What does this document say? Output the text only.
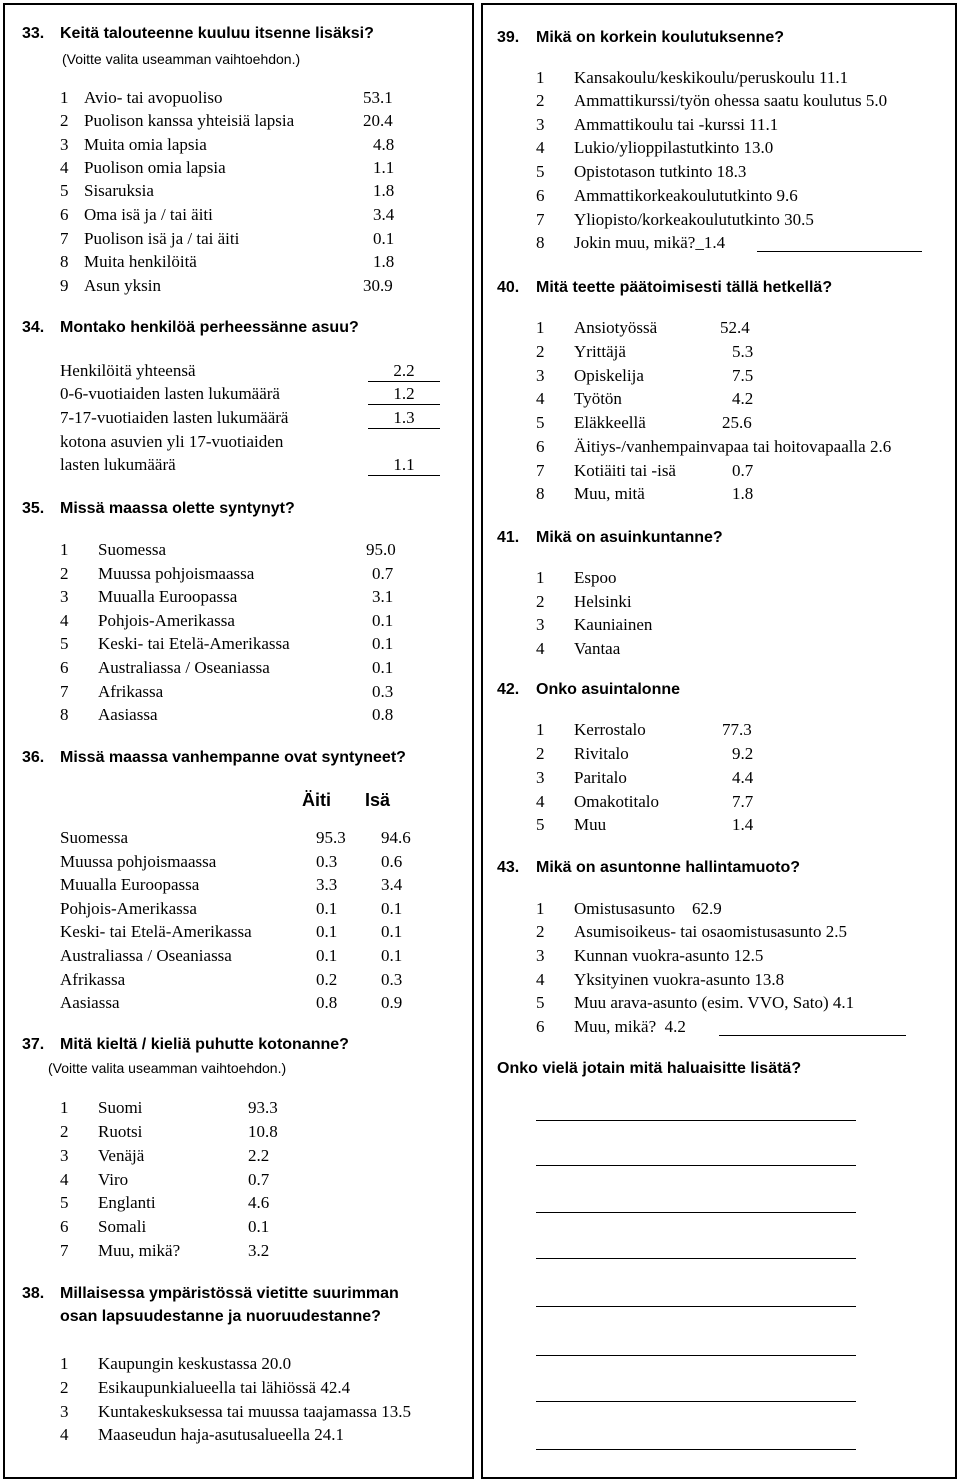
33. Keitä talouteenne kuuluu itsenne lisäksi?
(Voitte valita useamman vaihtoehdon.)
1 Avio- tai avopuoliso	53.1
2 Puolison kanssa yhteisiä lapsia	20.4
3 Muita omia lapsia	4.8
4 Puolison omia lapsia	1.1
5 Sisaruksia	1.8
6 Oma isä ja / tai äiti	3.4
7 Puolison isä ja / tai äiti	0.1
8 Muita henkilöitä	1.8
9 Asun yksin	30.9
34. Montako henkilöä perheessänne asuu?
Henkilöitä yhteensä	2.2
0-6-vuotiaiden lasten lukumäärä	1.2
7-17-vuotiaiden lasten lukumäärä	1.3
kotona asuvien yli 17-vuotiaiden
lasten lukumäärä	1.1
35. Missä maassa olette syntynyt?
1 Suomessa	95.0
2 Muussa pohjoismaassa	0.7
3 Muualla Euroopassa	3.1
4 Pohjois-Amerikassa	0.1
5 Keski- tai Etelä-Amerikassa	0.1
6 Australiassa / Oseaniassa	0.1
7 Afrikassa	0.3
8 Aasiassa	0.8
36. Missä maassa vanhempanne ovat syntyneet?
Äiti Isä
Suomessa	95.3 94.6
Muussa pohjoismaassa	0.3	0.6
Muualla Euroopassa	3.3	3.4
Pohjois-Amerikassa	0.1	0.1
Keski- tai Etelä-Amerikassa	0.1	0.1
Australiassa / Oseaniassa	0.1	0.1
Afrikassa	0.2	0.3
Aasiassa	0.8	0.9
37. Mitä kieltä / kieliä puhutte kotonanne?
(Voitte valita useamman vaihtoehdon.)
1 Suomi	93.3
2 Ruotsi	10.8
3 Venäjä	2.2
4 Viro	0.7
5 Englanti	4.6
6 Somali	0.1
7 Muu, mikä?	3.2
38. Millaisessa ympäristössä vietitte suurimman
osan lapsuudestanne ja nuoruudestanne?
1 Kaupungin keskustassa 20.0
2 Esikaupunkialueella tai lähiössä 42.4
3 Kuntakeskuksessa tai muussa taajamassa 13.5
4 Maaseudun haja-asutusalueella 24.1
39. Mikä on korkein koulutuksenne?
1 Kansakoulu/keskikoulu/peruskoulu 11.1
2 Ammattikurssi/työn ohessa saatu koulutus 5.0
3 Ammattikoulu tai -kurssi 11.1
4 Lukio/ylioppilastutkinto 13.0
5 Opistotason tutkinto 18.3
6 Ammattikorkeakoulututkinto 9.6
7 Yliopisto/korkeakoulututkinto 30.5
8 Jokin muu, mikä?_1.4
40. Mitä teette päätoimisesti tällä hetkellä?
1 Ansiotyössä	52.4
2 Yrittäjä	5.3
3 Opiskelija	7.5
4 Työtön	4.2
5 Eläkkeellä	25.6
6 Äitiys-/vanhempainvapaa tai hoitovapaalla 2.6
7 Kotiäiti tai -isä	0.7
8 Muu, mitä	1.8
41. Mikä on asuinkuntanne?
1 Espoo
2 Helsinki
3 Kauniainen
4 Vantaa
42. Onko asuintalonne
1 Kerrostalo	77.3
2 Rivitalo	9.2
3 Paritalo	4.4
4 Omakotitalo	7.7
5 Muu	1.4
43. Mikä on asuntonne hallintamuoto?
1 Omistusasunto    62.9
2 Asumisoikeus- tai osaomistusasunto 2.5
3 Kunnan vuokra-asunto 12.5
4 Yksityinen vuokra-asunto 13.8
5 Muu arava-asunto (esim. VVO, Sato) 4.1
6 Muu, mikä?  4.2
Onko vielä jotain mitä haluaisitte lisätä?
